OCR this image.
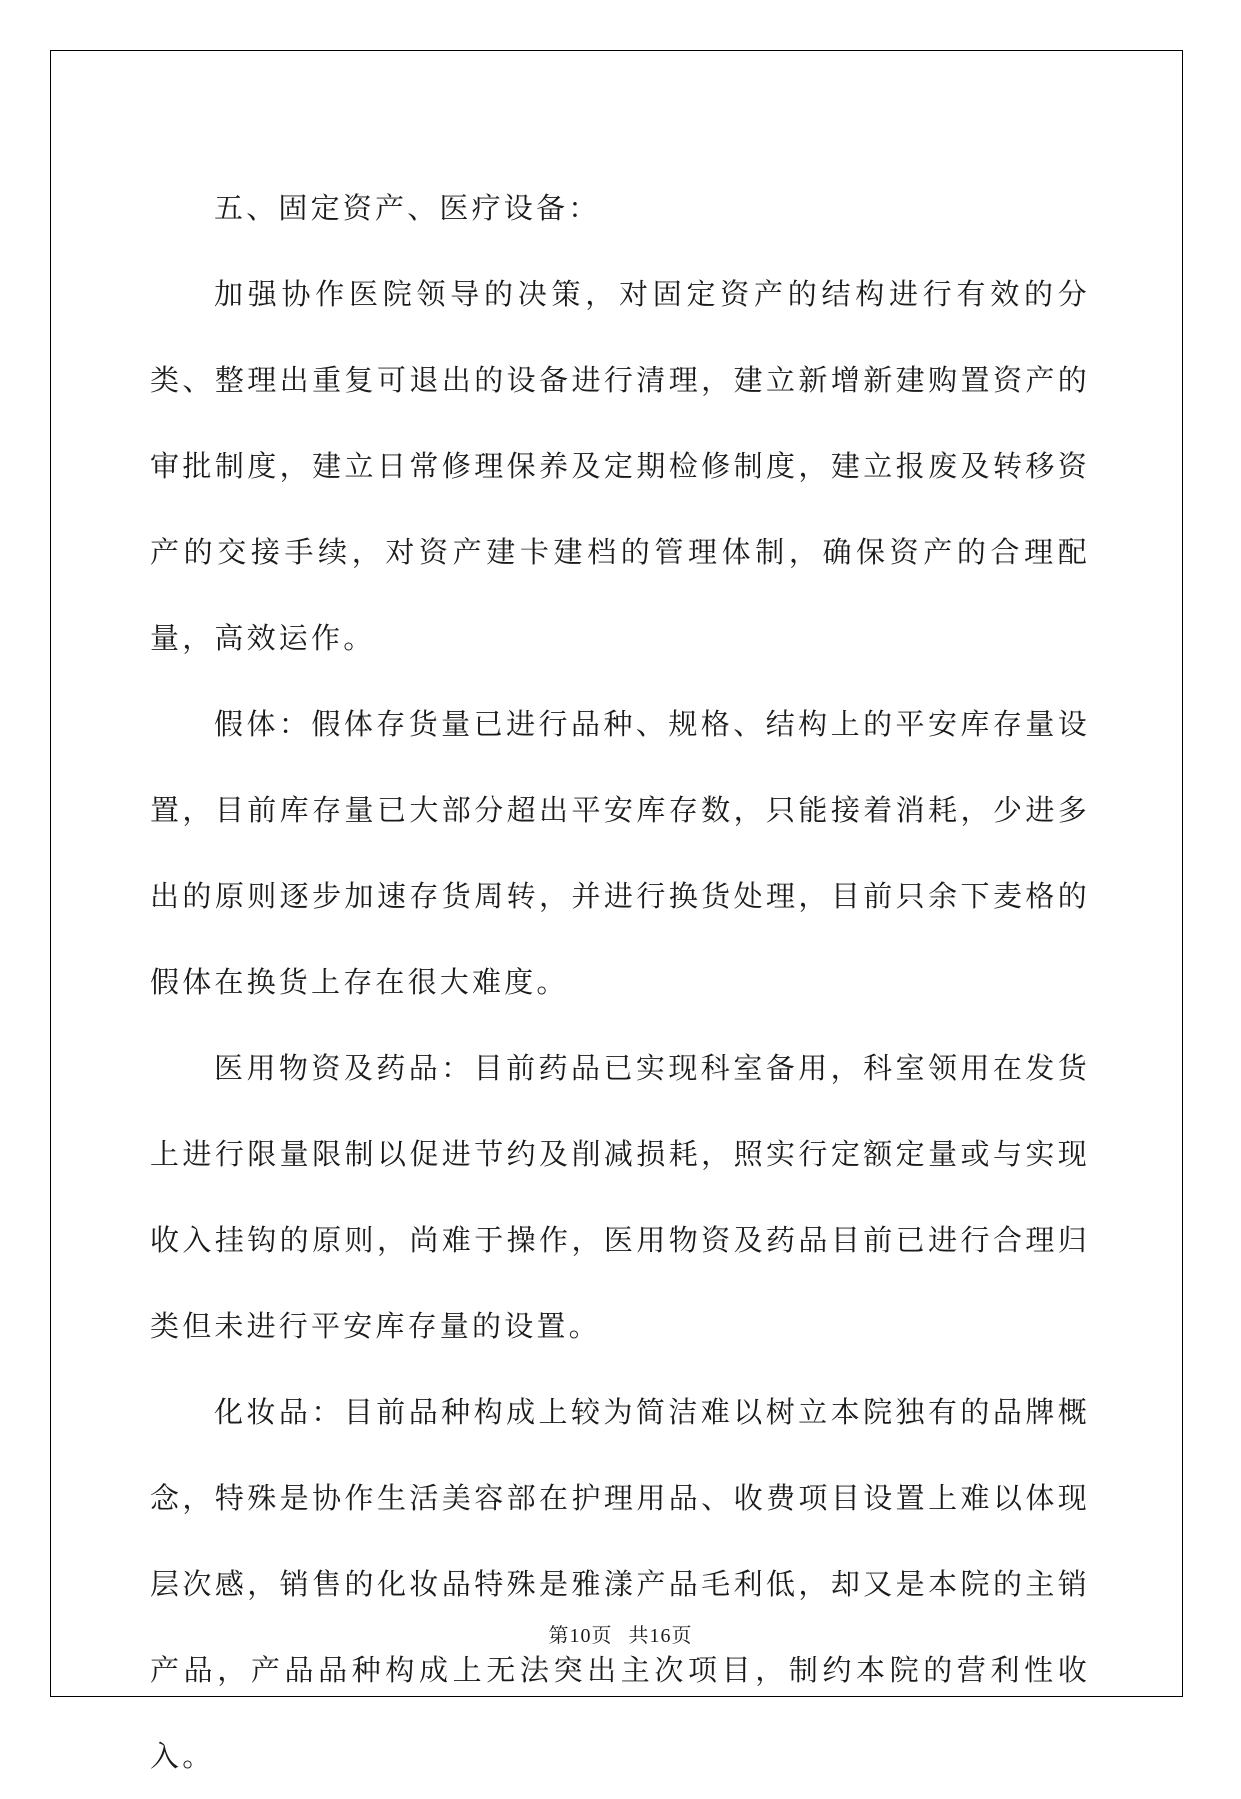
五、固定资产、医疗设备：

加强协作医院领导的决策，对固定资产的结构进行有效的分类、整理出重复可退出的设备进行清理，建立新增新建购置资产的审批制度，建立日常修理保养及定期检修制度，建立报废及转移资产的交接手续，对资产建卡建档的管理体制，确保资产的合理配量，高效运作。

假体：假体存货量已进行品种、规格、结构上的平安库存量设置，目前库存量已大部分超出平安库存数，只能接着消耗，少进多出的原则逐步加速存货周转，并进行换货处理，目前只余下麦格的假体在换货上存在很大难度。

医用物资及药品：目前药品已实现科室备用，科室领用在发货上进行限量限制以促进节约及削减损耗，照实行定额定量或与实现收入挂钩的原则，尚难于操作，医用物资及药品目前已进行合理归类但未进行平安库存量的设置。

化妆品：目前品种构成上较为简洁难以树立本院独有的品牌概念，特殊是协作生活美容部在护理用品、收费项目设置上难以体现层次感，销售的化妆品特殊是雅漾产品毛利低，却又是本院的主销产品，产品品种构成上无法突出主次项目，制约本院的营利性收入。

第10页 共16页
